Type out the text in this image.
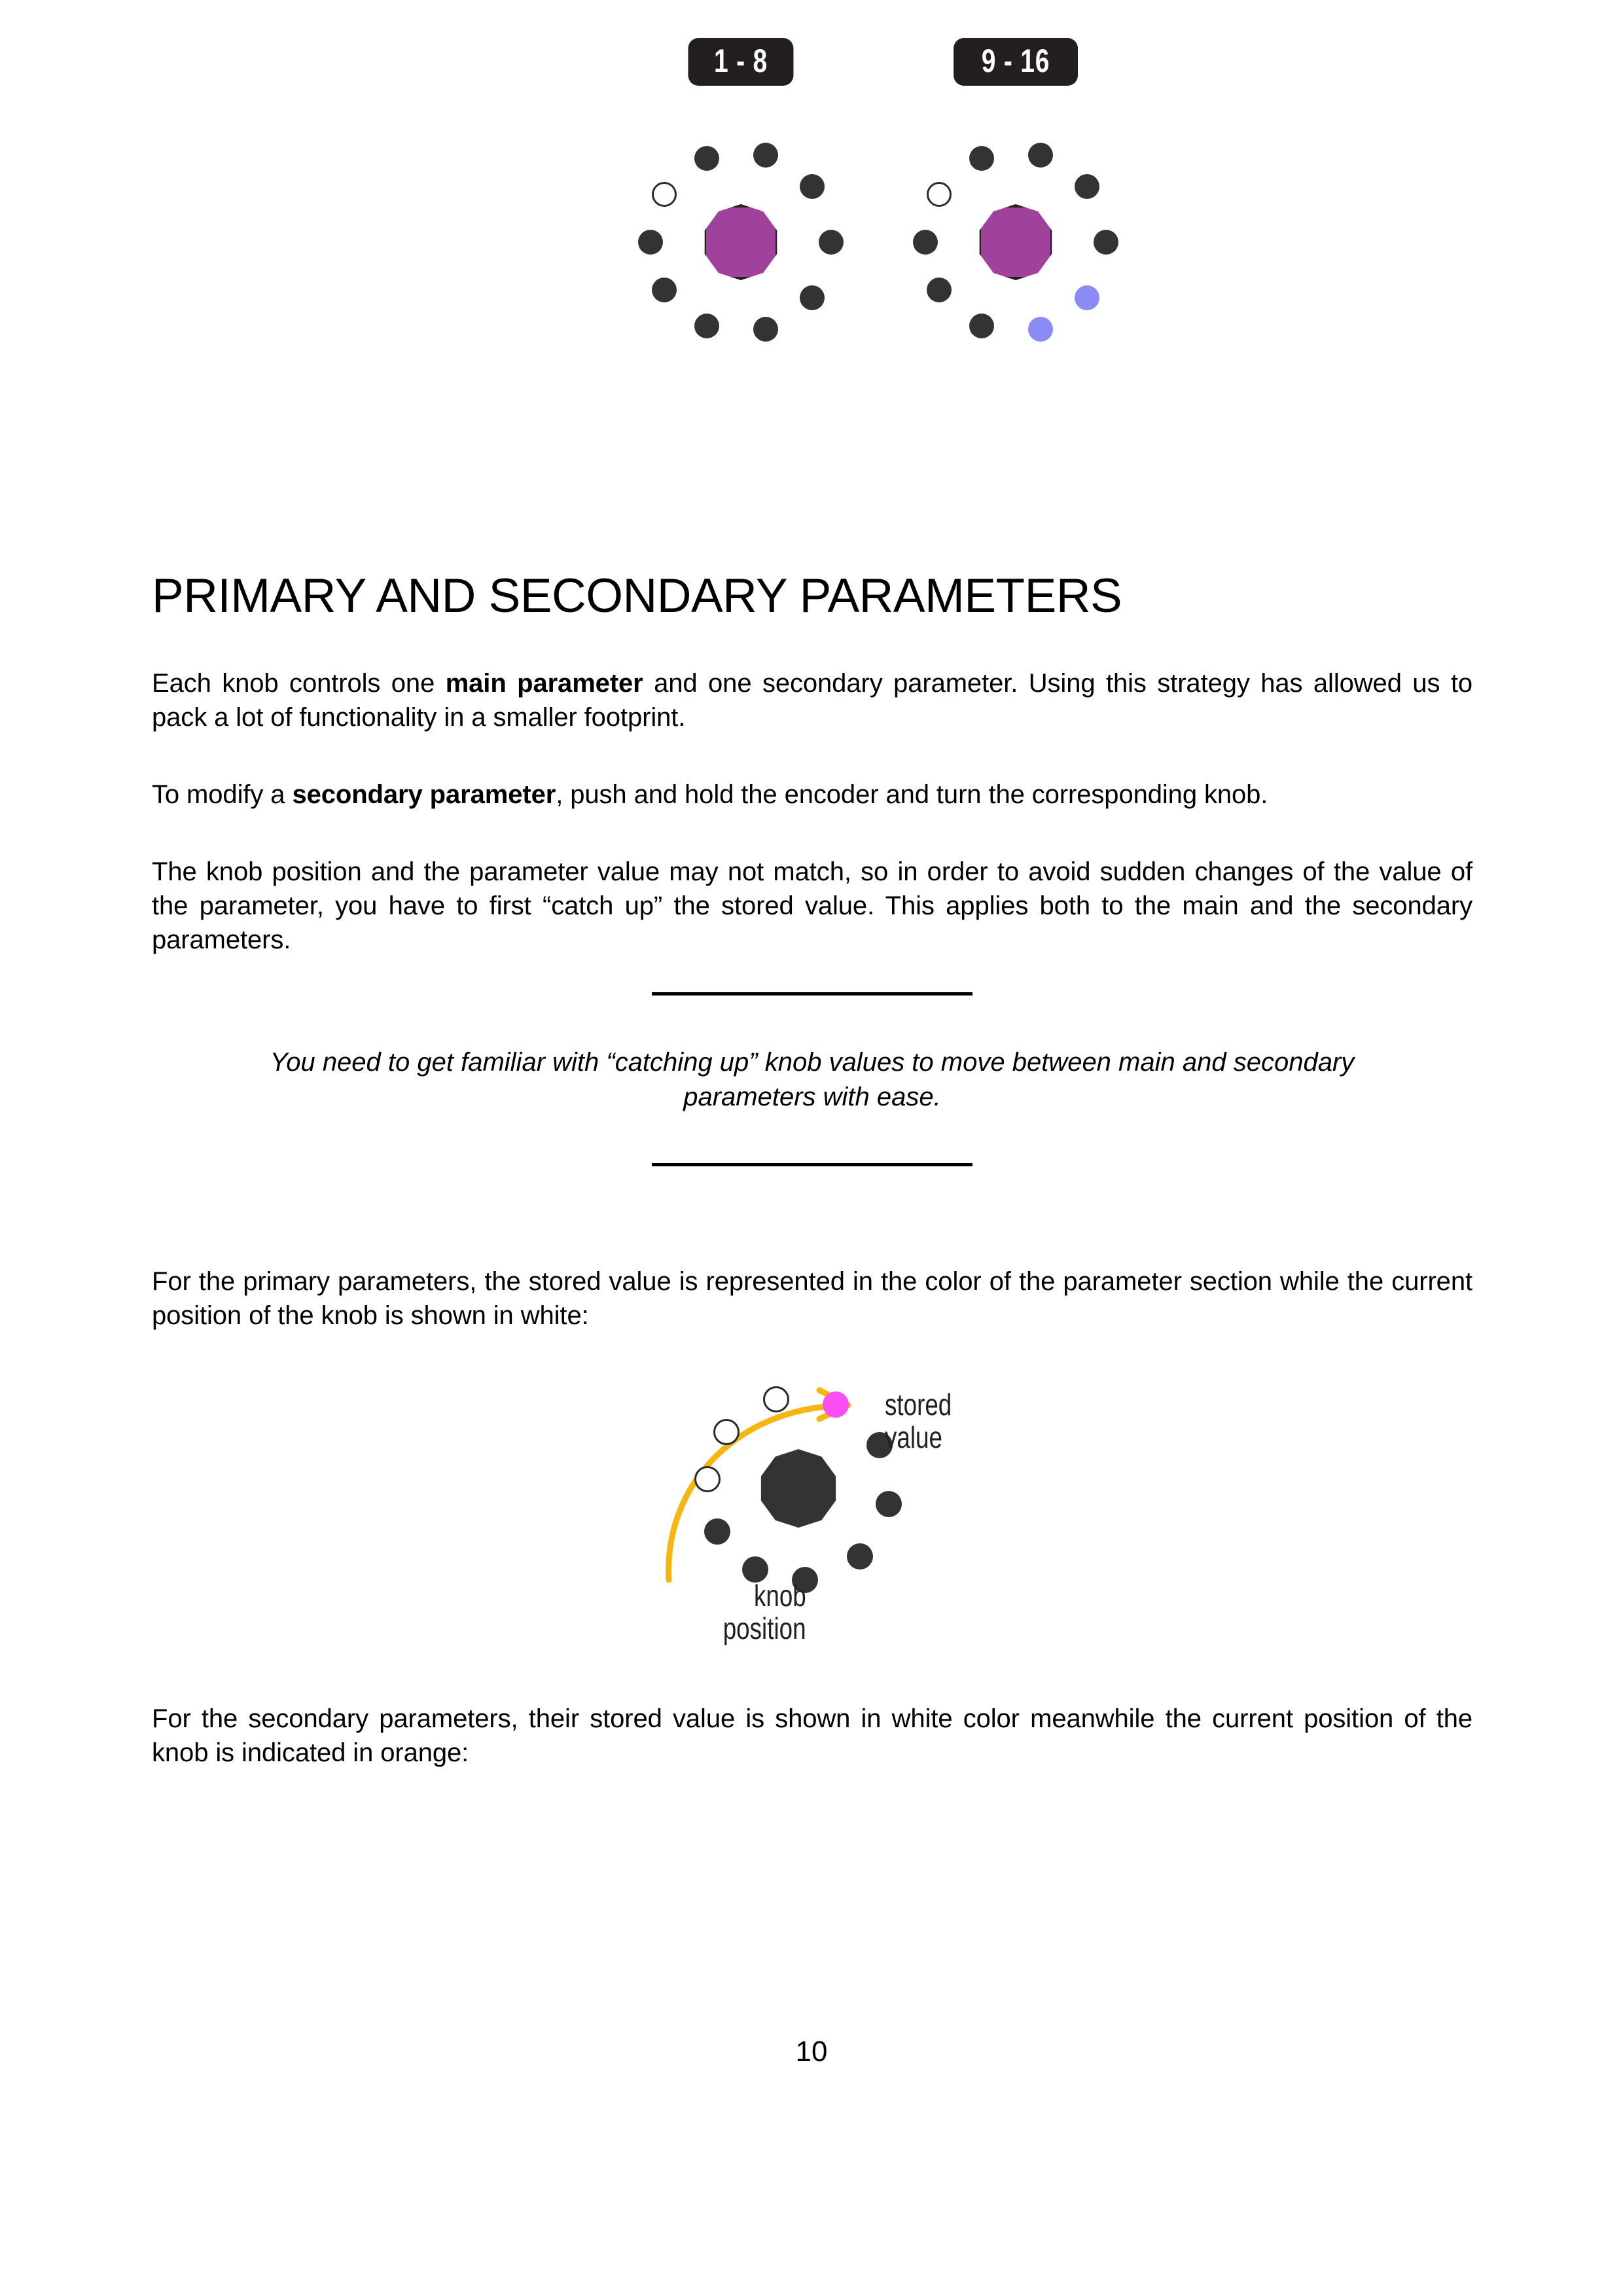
1 - 8	9 - 16
PRIMARY AND SECONDARY PARAMETERS

Each knob controls one main parameter and one secondary parameter. Using this strategy has allowed us to pack a lot of functionality in a smaller footprint.

To modify a secondary parameter, push and hold the encoder and turn the corresponding knob.

The knob position and the parameter value may not match, so in order to avoid sudden changes of the value of the parameter, you have to first “catch up” the stored value. This applies both to the main and the secondary parameters.

You need to get familiar with “catching up” knob values to move between main and secondary parameters with ease.

For the primary parameters, the stored value is represented in the color of the parameter section while the current position of the knob is shown in white:

stored
value
knob
position

For the secondary parameters, their stored value is shown in white color meanwhile the current position of the knob is indicated in orange:

10
